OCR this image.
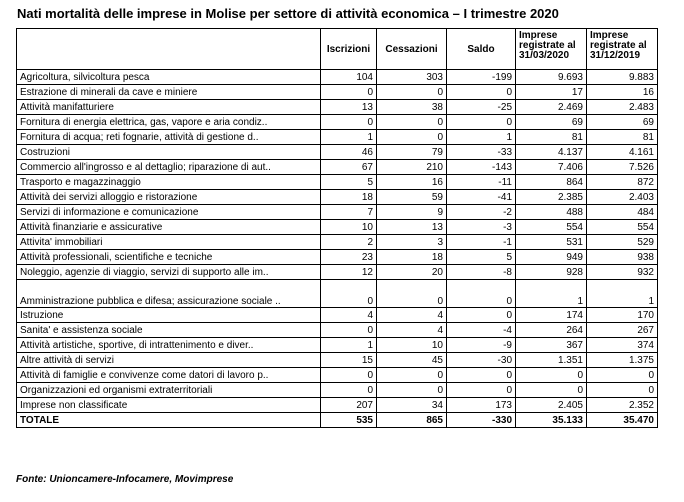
Nati mortalità delle imprese in Molise per settore di attività economica – I trimestre 2020
	Iscrizioni	Cessazioni	Saldo	Imprese registrate al 31/03/2020	Imprese registrate al 31/12/2019
Agricoltura, silvicoltura pesca	104	303	-199	9.693	9.883
Estrazione di minerali da cave e miniere	0	0	0	17	16
Attività manifatturiere	13	38	-25	2.469	2.483
Fornitura di energia elettrica, gas, vapore e aria condiz..	0	0	0	69	69
Fornitura di acqua; reti fognarie, attività di gestione d..	1	0	1	81	81
Costruzioni	46	79	-33	4.137	4.161
Commercio all'ingrosso e al dettaglio; riparazione di aut..	67	210	-143	7.406	7.526
Trasporto e magazzinaggio	5	16	-11	864	872
Attività dei servizi alloggio e ristorazione	18	59	-41	2.385	2.403
Servizi di informazione e comunicazione	7	9	-2	488	484
Attività finanziarie e assicurative	10	13	-3	554	554
Attivita' immobiliari	2	3	-1	531	529
Attività professionali, scientifiche e tecniche	23	18	5	949	938
Noleggio, agenzie di viaggio, servizi di supporto alle im..	12	20	-8	928	932
Amministrazione pubblica e difesa; assicurazione sociale ..	0	0	0	1	1
Istruzione	4	4	0	174	170
Sanita' e assistenza sociale	0	4	-4	264	267
Attività artistiche, sportive, di intrattenimento e diver..	1	10	-9	367	374
Altre attività di servizi	15	45	-30	1.351	1.375
Attività di famiglie e convivenze come datori di lavoro p..	0	0	0	0	0
Organizzazioni ed organismi extraterritoriali	0	0	0	0	0
Imprese non classificate	207	34	173	2.405	2.352
TOTALE	535	865	-330	35.133	35.470
Fonte: Unioncamere-Infocamere, Movimprese
